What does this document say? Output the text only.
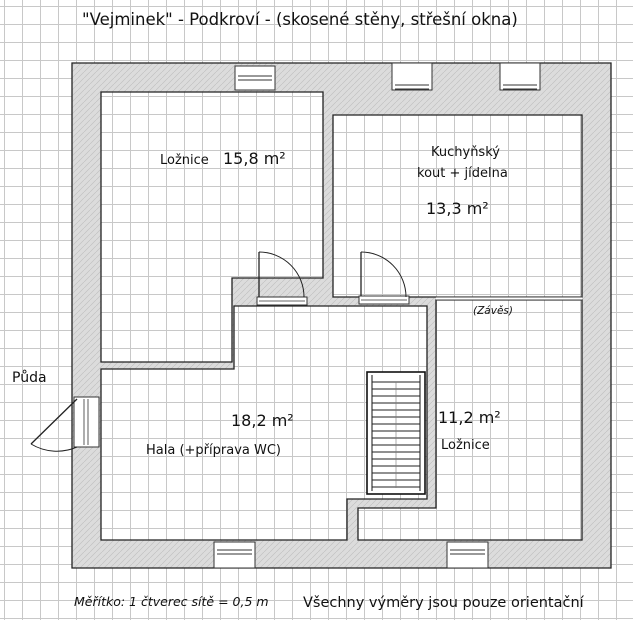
"Vejminek" - Podkroví - (skosené stěny, střešní okna)
Ložnice 15,8 m²	Kuchyňský
kout + jídelna
13,3 m²
(Závěs)
18,2 m²
Hala (+příprava WC)
11,2 m²
Ložnice
Půda
Měřítko: 1 čtverec sítě = 0,5 m Všechny výměry jsou pouze orientační
